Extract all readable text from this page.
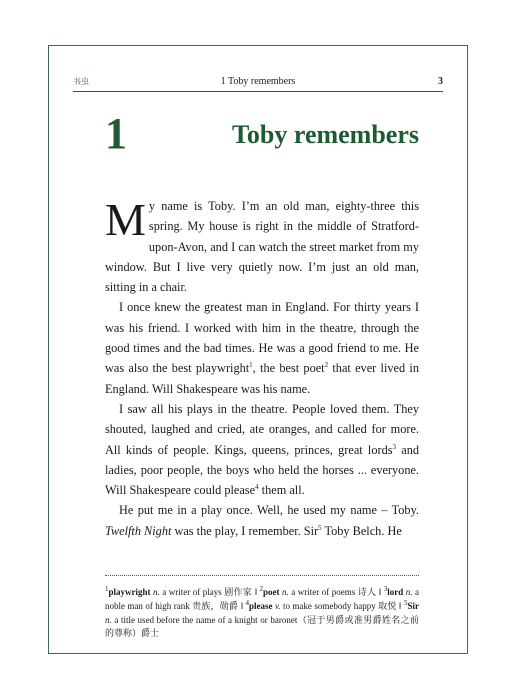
书虫	1 Toby remembers	3
1	Toby remembers

My name is Toby. I’m an old man, eighty-three this spring. My house is right in the middle of Stratford-upon-Avon, and I can watch the street market from my window. But I live very quietly now. I’m just an old man, sitting in a chair.

I once knew the greatest man in England. For thirty years I was his friend. I worked with him in the theatre, through the good times and the bad times. He was a good friend to me. He was also the best playwright$^1$, the best poet$^2$ that ever lived in England. Will Shakespeare was his name.

I saw all his plays in the theatre. People loved them. They shouted, laughed and cried, ate oranges, and called for more. All kinds of people. Kings, queens, princes, great lords$^3$ and ladies, poor people, the boys who held the horses ... everyone. Will Shakespeare could please$^4$ them all.

He put me in a play once. Well, he used my name – Toby. Twelfth Night was the play, I remember. Sir$^5$ Toby Belch. He

$^1$playwright n. a writer of plays 剧作家 ‖ $^2$poet n. a writer of poems 诗人 ‖ $^3$lord n. a noble man of high rank 贵族，勋爵 ‖ $^4$please v. to make somebody happy 取悦 ‖ $^5$Sir n. a title used before the name of a knight or baronet（冠于男爵或准男爵姓名之前的尊称）爵士
